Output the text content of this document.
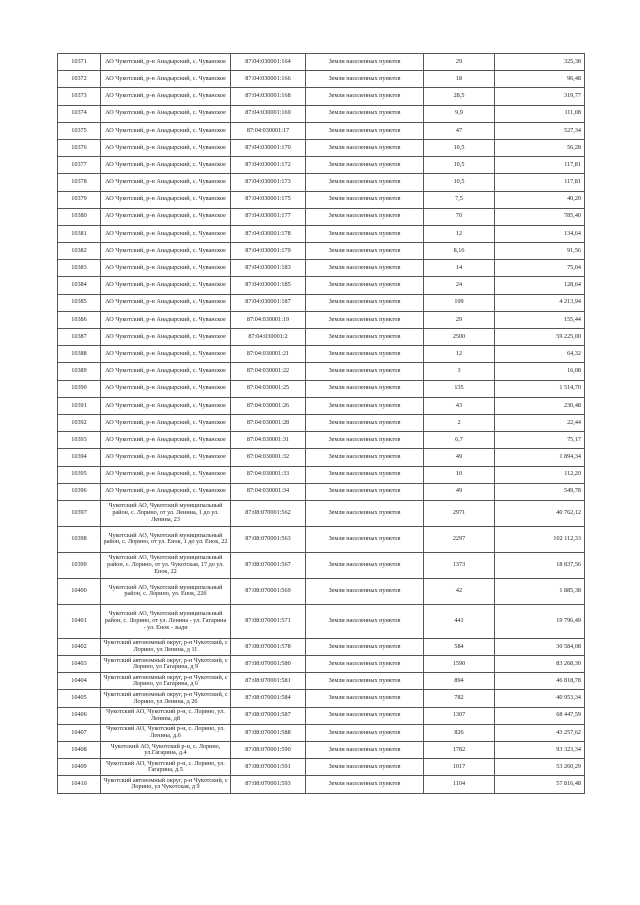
10371	АО Чукотский, р-н Анадырский, с. Чуванское	87:04:030001:164	Земли населенных пунктов	29	325,38
10372	АО Чукотский, р-н Анадырский, с. Чуванское	87:04:030001:166	Земли населенных пунктов	18	96,48
10373	АО Чукотский, р-н Анадырский, с. Чуванское	87:04:030001:168	Земли населенных пунктов	28,5	319,77
10374	АО Чукотский, р-н Анадырский, с. Чуванское	87:04:030001:169	Земли населенных пунктов	9,9	111,08
10375	АО Чукотский, р-н Анадырский, с. Чуванское	87:04:030001:17	Земли населенных пунктов	47	527,34
10376	АО Чукотский, р-н Анадырский, с. Чуванское	87:04:030001:170	Земли населенных пунктов	10,5	56,28
10377	АО Чукотский, р-н Анадырский, с. Чуванское	87:04:030001:172	Земли населенных пунктов	10,5	117,81
10378	АО Чукотский, р-н Анадырский, с. Чуванское	87:04:030001:173	Земли населенных пунктов	10,5	117,81
10379	АО Чукотский, р-н Анадырский, с. Чуванское	87:04:030001:175	Земли населенных пунктов	7,5	40,20
10380	АО Чукотский, р-н Анадырский, с. Чуванское	87:04:030001:177	Земли населенных пунктов	70	785,40
10381	АО Чукотский, р-н Анадырский, с. Чуванское	87:04:030001:178	Земли населенных пунктов	12	134,64
10382	АО Чукотский, р-н Анадырский, с. Чуванское	87:04:030001:179	Земли населенных пунктов	8,16	91,56
10383	АО Чукотский, р-н Анадырский, с. Чуванское	87:04:030001:183	Земли населенных пунктов	14	75,04
10384	АО Чукотский, р-н Анадырский, с. Чуванское	87:04:030001:185	Земли населенных пунктов	24	128,64
10385	АО Чукотский, р-н Анадырский, с. Чуванское	87:04:030001:187	Земли населенных пунктов	109	4 213,94
10386	АО Чукотский, р-н Анадырский, с. Чуванское	87:04:030001:19	Земли населенных пунктов	29	155,44
10387	АО Чукотский, р-н Анадырский, с. Чуванское	87:04:030001:2	Земли населенных пунктов	2500	59 225,00
10388	АО Чукотский, р-н Анадырский, с. Чуванское	87:04:030001:21	Земли населенных пунктов	12	64,32
10389	АО Чукотский, р-н Анадырский, с. Чуванское	87:04:030001:22	Земли населенных пунктов	3	16,08
10390	АО Чукотский, р-н Анадырский, с. Чуванское	87:04:030001:25	Земли населенных пунктов	135	1 514,70
10391	АО Чукотский, р-н Анадырский, с. Чуванское	87:04:030001:26	Земли населенных пунктов	43	230,48
10392	АО Чукотский, р-н Анадырский, с. Чуванское	87:04:030001:28	Земли населенных пунктов	2	22,44
10393	АО Чукотский, р-н Анадырский, с. Чуванское	87:04:030001:31	Земли населенных пунктов	6,7	75,17
10394	АО Чукотский, р-н Анадырский, с. Чуванское	87:04:030001:32	Земли населенных пунктов	49	1 894,34
10395	АО Чукотский, р-н Анадырский, с. Чуванское	87:04:030001:33	Земли населенных пунктов	10	112,20
10396	АО Чукотский, р-н Анадырский, с. Чуванское	87:04:030001:34	Земли населенных пунктов	49	549,78
10397	Чукотский АО, Чукотский муниципальный район, с. Лорино, от ул. Ленина, 1 до ул. Ленина, 23	87:08:070001:562	Земли населенных пунктов	2971	40 762,12
10398	Чукотский АО, Чукотский муниципальный район, с. Лорино, от ул. Енок, 1 до ул. Енок, 22	87:08:070001:563	Земли населенных пунктов	2297	102 112,33
10399	Чукотский АО, Чукотский муниципальный район, с. Лорино, от ул. Чукотская, 17 до ул. Енок, 22	87:08:070001:567	Земли населенных пунктов	1373	18 837,56
10400	Чукотский АО, Чукотский муниципальный район, с. Лорино, ул. Енок, 22б	87:08:070001:569	Земли населенных пунктов	42	1 885,38
10401	Чукотский АО, Чукотский муниципальный район, с. Лорино, от ул. Ленина - ул. Гагарина - ул. Енок - зыдн	87:08:070001:571	Земли населенных пунктов	441	19 796,49
10402	Чукотский автономный округ, р-н Чукотский, с Лорино, ул Ленина, д 11	87:08:070001:578	Земли населенных пунктов	584	30 584,08
10403	Чукотский автономный округ, р-н Чукотский, с Лорино, ул Гагарина, д 9	87:08:070001:580	Земли населенных пунктов	1590	83 268,30
10404	Чукотский автономный округ, р-н Чукотский, с Лорино, ул Гагарина, д 6	87:08:070001:581	Земли населенных пунктов	894	46 818,78
10405	Чукотский автономный округ, р-н Чукотский, с Лорино, ул Ленина, д 26	87:08:070001:584	Земли населенных пунктов	782	40 953,34
10406	Чукотский АО, Чукотский р-н, с. Лорино, ул. Ленина, д8	87:08:070001:587	Земли населенных пунктов	1307	68 447,59
10407	Чукотский АО, Чукотский р-н, с. Лорино, ул. Ленина, д.6	87:08:070001:588	Земли населенных пунктов	826	43 257,62
10408	Чукотский АО, Чукотский р-н, с. Лорино, ул.Гагарина, д.4	87:08:070001:590	Земли населенных пунктов	1782	93 323,34
10409	Чукотский АО, Чукотский р-н, с. Лорино, ул. Гагарина, д.5	87:08:070001:591	Земли населенных пунктов	1017	53 260,29
10410	Чукотский автономный округ, р-н Чукотский, с Лорино, ул Чукотская, д 9	87:08:070001:593	Земли населенных пунктов	1104	57 816,48
